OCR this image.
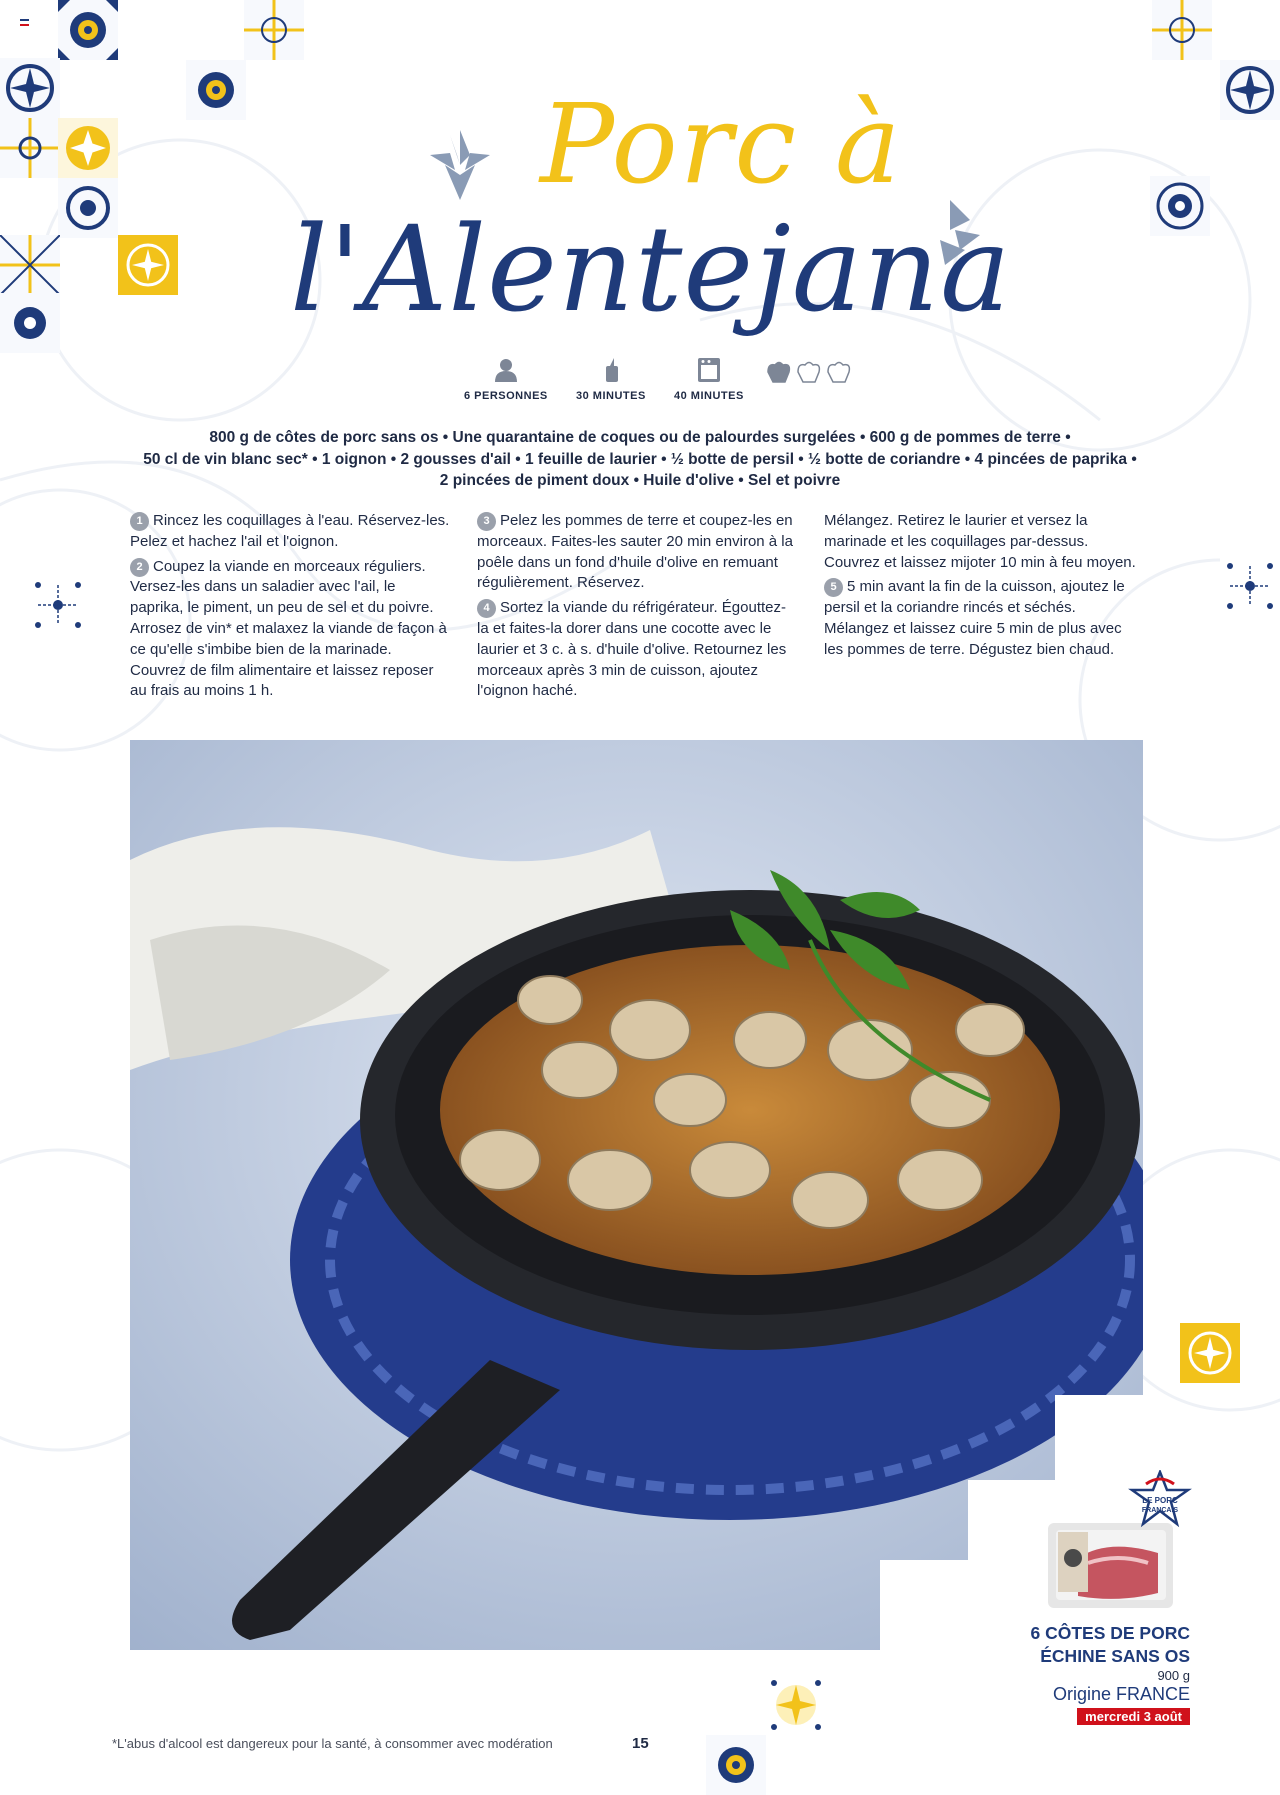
Porc à
l'Alentejana
6 PERSONNES	30 MINUTES	40 MINUTES
800 g de côtes de porc sans os • Une quarantaine de coques ou de palourdes surgelées • 600 g de pommes de terre •
50 cl de vin blanc sec* • 1 oignon • 2 gousses d'ail • 1 feuille de laurier • ½ botte de persil • ½ botte de coriandre • 4 pincées de paprika •
2 pincées de piment doux • Huile d'olive • Sel et poivre

1 Rincez les coquillages à l'eau. Réservez-les. Pelez et hachez l'ail et l'oignon.

2 Coupez la viande en morceaux réguliers. Versez-les dans un saladier avec l'ail, le paprika, le piment, un peu de sel et du poivre. Arrosez de vin* et malaxez la viande de façon à ce qu'elle s'imbibe bien de la marinade. Couvrez de film alimentaire et laissez reposer au frais au moins 1 h.

3 Pelez les pommes de terre et coupez-les en morceaux. Faites-les sauter 20 min environ à la poêle dans un fond d'huile d'olive en remuant régulièrement. Réservez.

4 Sortez la viande du réfrigérateur. Égouttez-la et faites-la dorer dans une cocotte avec le laurier et 3 c. à s. d'huile d'olive. Retournez les morceaux après 3 min de cuisson, ajoutez l'oignon haché.

Mélangez. Retirez le laurier et versez la marinade et les coquillages par-dessus. Couvrez et laissez mijoter 10 min à feu moyen.

5 5 min avant la fin de la cuisson, ajoutez le persil et la coriandre rincés et séchés. Mélangez et laissez cuire 5 min de plus avec les pommes de terre. Dégustez bien chaud.

LE PORC
FRANÇAIS
6 CÔTES DE PORC
ÉCHINE SANS OS
900 g
Origine FRANCE
mercredi 3 août
*L'abus d'alcool est dangereux pour la santé, à consommer avec modération	15
